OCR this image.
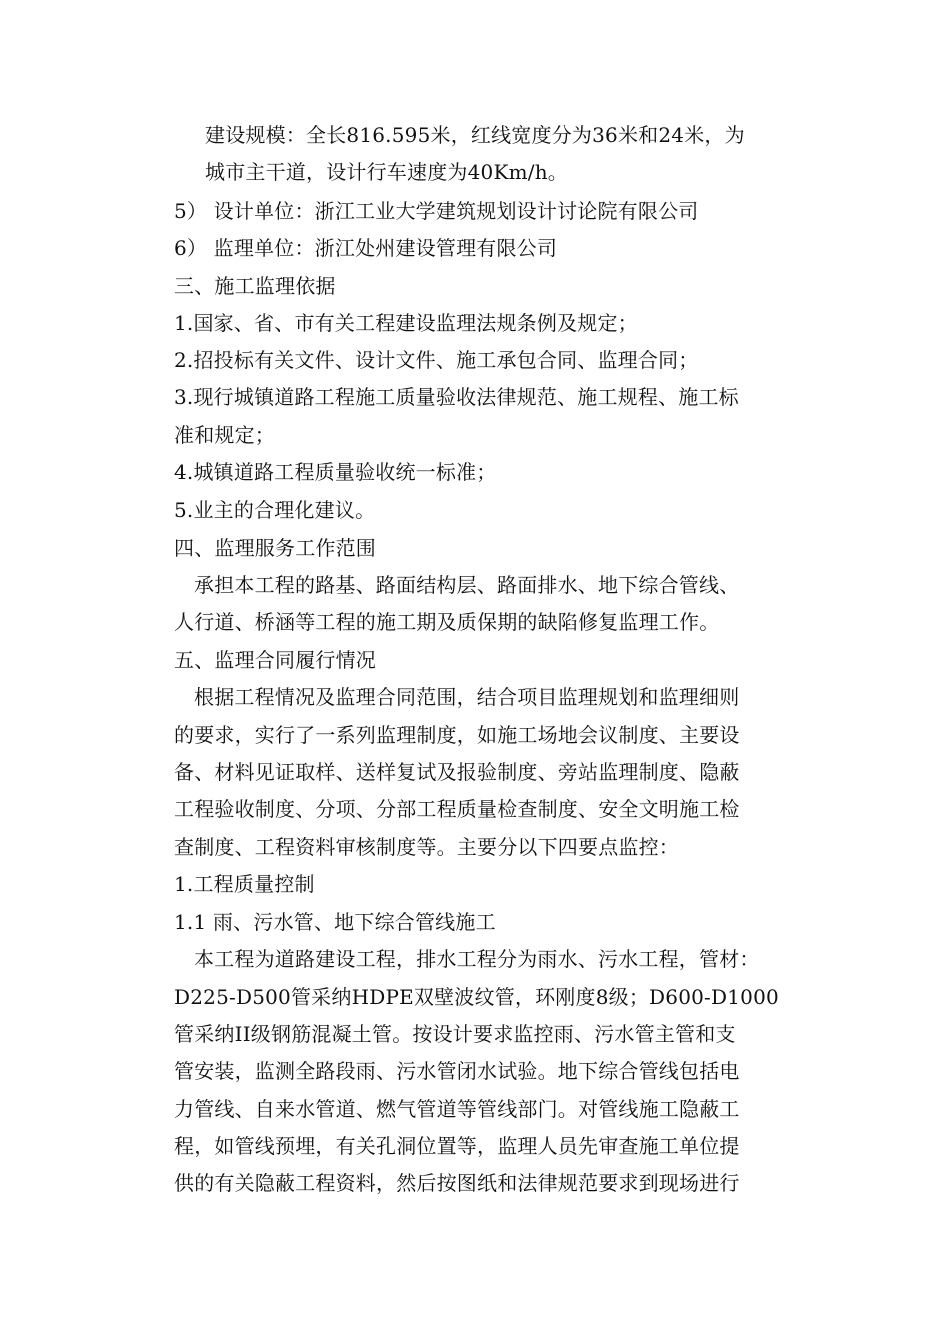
建设规模：全长816.595米，红线宽度分为36米和24米，为
城市主干道，设计行车速度为40Km/h。
5） 设计单位：浙江工业大学建筑规划设计讨论院有限公司
6） 监理单位：浙江处州建设管理有限公司
三、施工监理依据
1.国家、省、市有关工程建设监理法规条例及规定；
2.招投标有关文件、设计文件、施工承包合同、监理合同；
3.现行城镇道路工程施工质量验收法律规范、施工规程、施工标
准和规定；
4.城镇道路工程质量验收统一标准；
5.业主的合理化建议。
四、监理服务工作范围
承担本工程的路基、路面结构层、路面排水、地下综合管线、
人行道、桥涵等工程的施工期及质保期的缺陷修复监理工作。
五、监理合同履行情况
根据工程情况及监理合同范围，结合项目监理规划和监理细则
的要求，实行了一系列监理制度，如施工场地会议制度、主要设
备、材料见证取样、送样复试及报验制度、旁站监理制度、隐蔽
工程验收制度、分项、分部工程质量检查制度、安全文明施工检
查制度、工程资料审核制度等。主要分以下四要点监控：
1.工程质量控制
1.1 雨、污水管、地下综合管线施工
本工程为道路建设工程，排水工程分为雨水、污水工程，管材：
D225-D500管采纳HDPE双壁波纹管，环刚度8级；D600-D1000
管采纳II级钢筋混凝土管。按设计要求监控雨、污水管主管和支
管安装，监测全路段雨、污水管闭水试验。地下综合管线包括电
力管线、自来水管道、燃气管道等管线部门。对管线施工隐蔽工
程，如管线预埋，有关孔洞位置等，监理人员先审查施工单位提
供的有关隐蔽工程资料，然后按图纸和法律规范要求到现场进行
